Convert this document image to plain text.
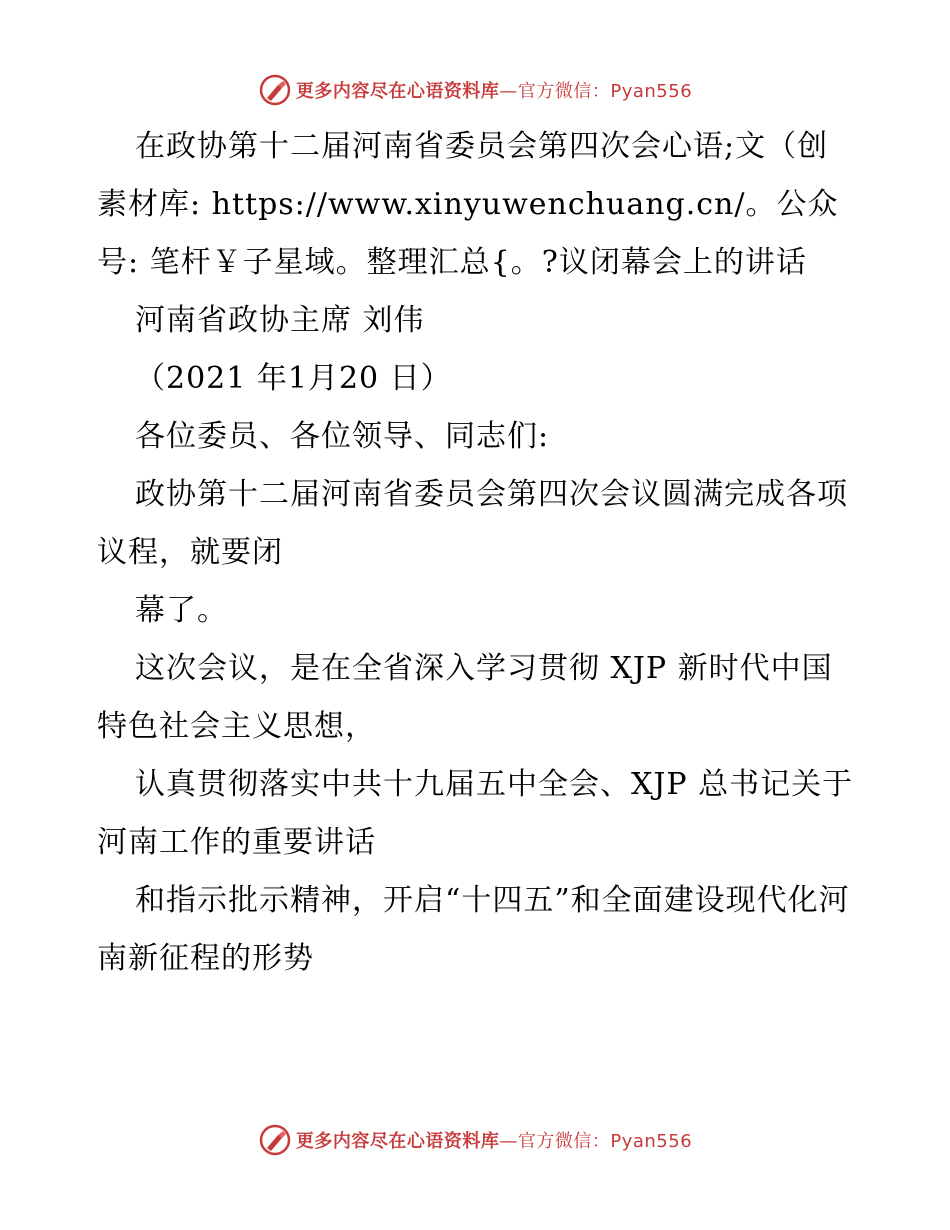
更多内容尽在心语资料库—官方微信：Pyan556

在政协第十二届河南省委员会第四次会心语;文（创素材库: https://www.xinyuwenchuang.cn/。公众号: 笔杆￥子星域。整理汇总{。?议闭幕会上的讲话

河南省政协主席 刘伟

（2021 年1月20 日）

各位委员、各位领导、同志们:

政协第十二届河南省委员会第四次会议圆满完成各项议程，就要闭

幕了。

这次会议，是在全省深入学习贯彻 XJP 新时代中国特色社会主义思想，

认真贯彻落实中共十九届五中全会、XJP 总书记关于河南工作的重要讲话

和指示批示精神，开启“十四五”和全面建设现代化河南新征程的形势

更多内容尽在心语资料库—官方微信：Pyan556
